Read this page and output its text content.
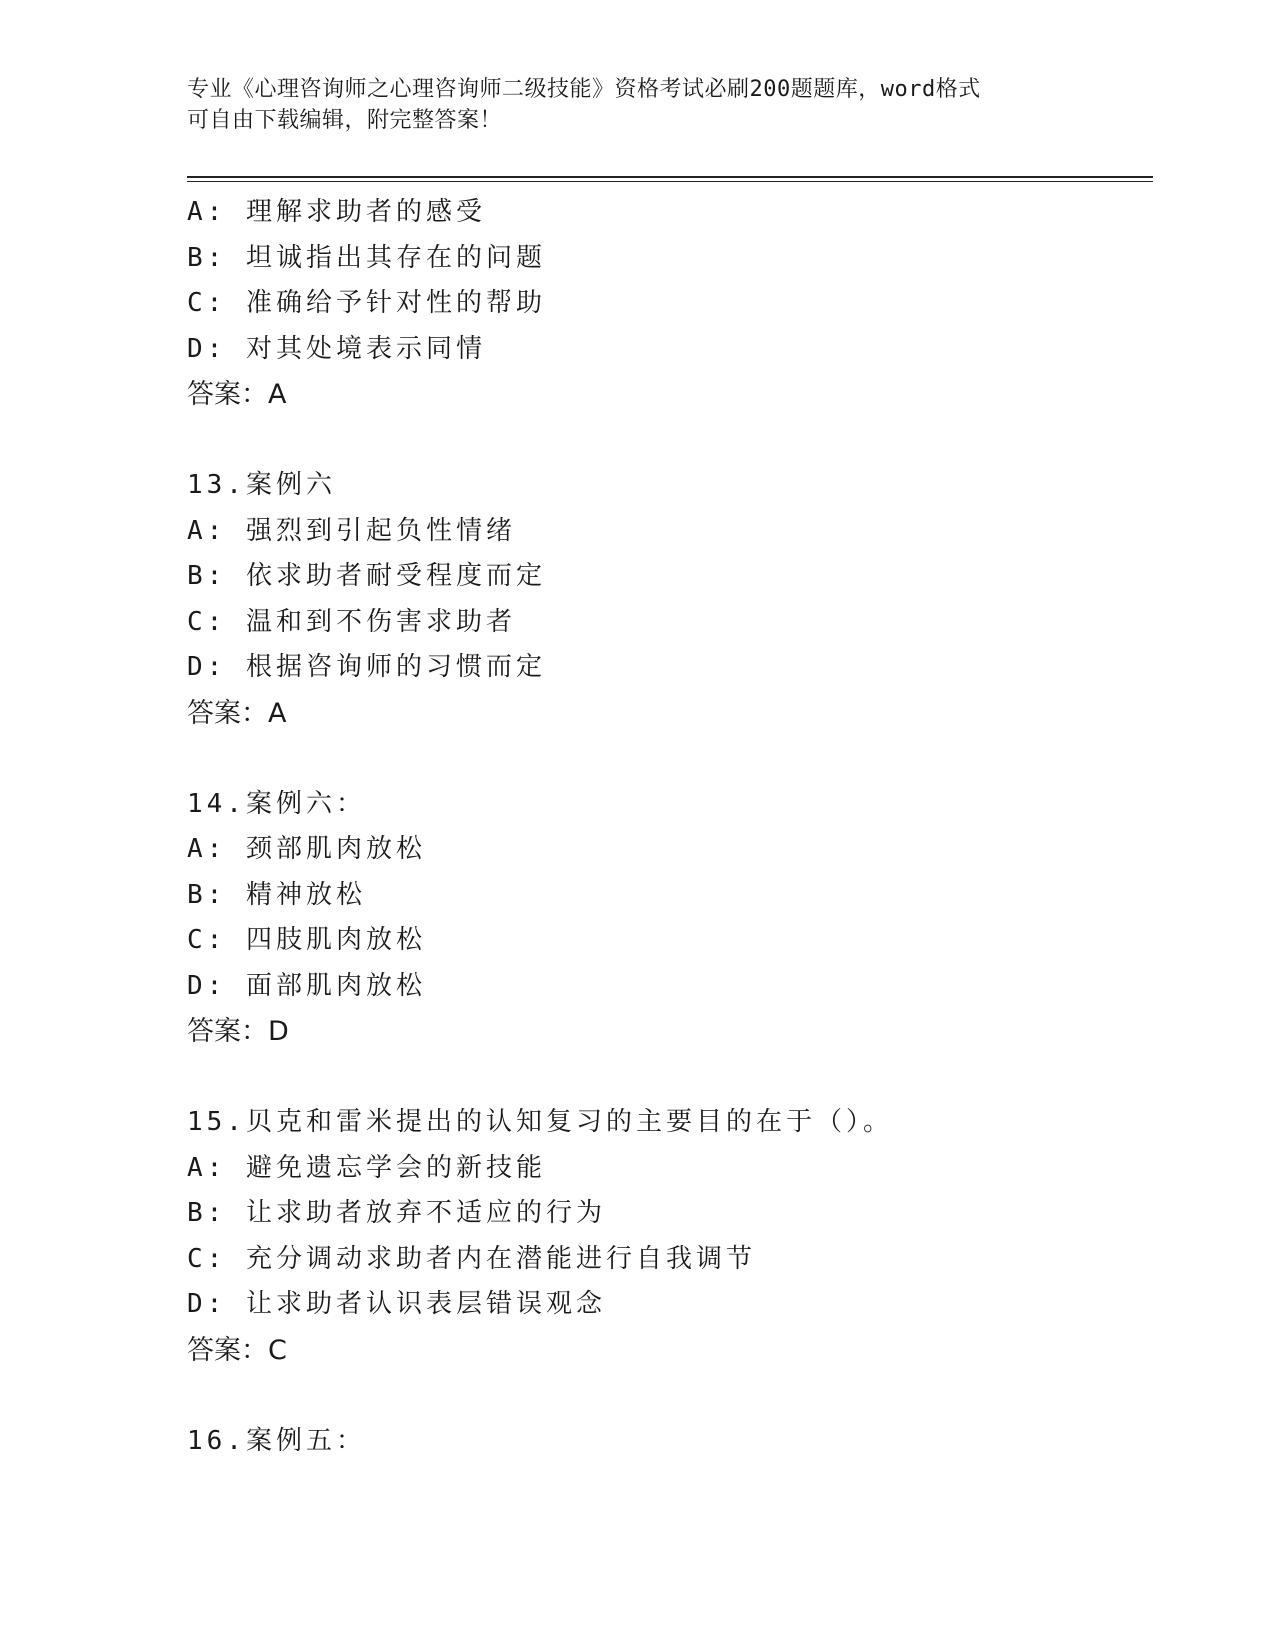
专业《心理咨询师之心理咨询师二级技能》资格考试必刷200题题库，word格式
可自由下载编辑，附完整答案！
A: 理解求助者的感受
B: 坦诚指出其存在的问题
C: 准确给予针对性的帮助
D: 对其处境表示同情
答案：A
13.案例六
A: 强烈到引起负性情绪
B: 依求助者耐受程度而定
C: 温和到不伤害求助者
D: 根据咨询师的习惯而定
答案：A
14.案例六：
A: 颈部肌肉放松
B: 精神放松
C: 四肢肌肉放松
D: 面部肌肉放松
答案：D
15.贝克和雷米提出的认知复习的主要目的在于（）。
A: 避免遗忘学会的新技能
B: 让求助者放弃不适应的行为
C: 充分调动求助者内在潜能进行自我调节
D: 让求助者认识表层错误观念
答案：C
16.案例五：
